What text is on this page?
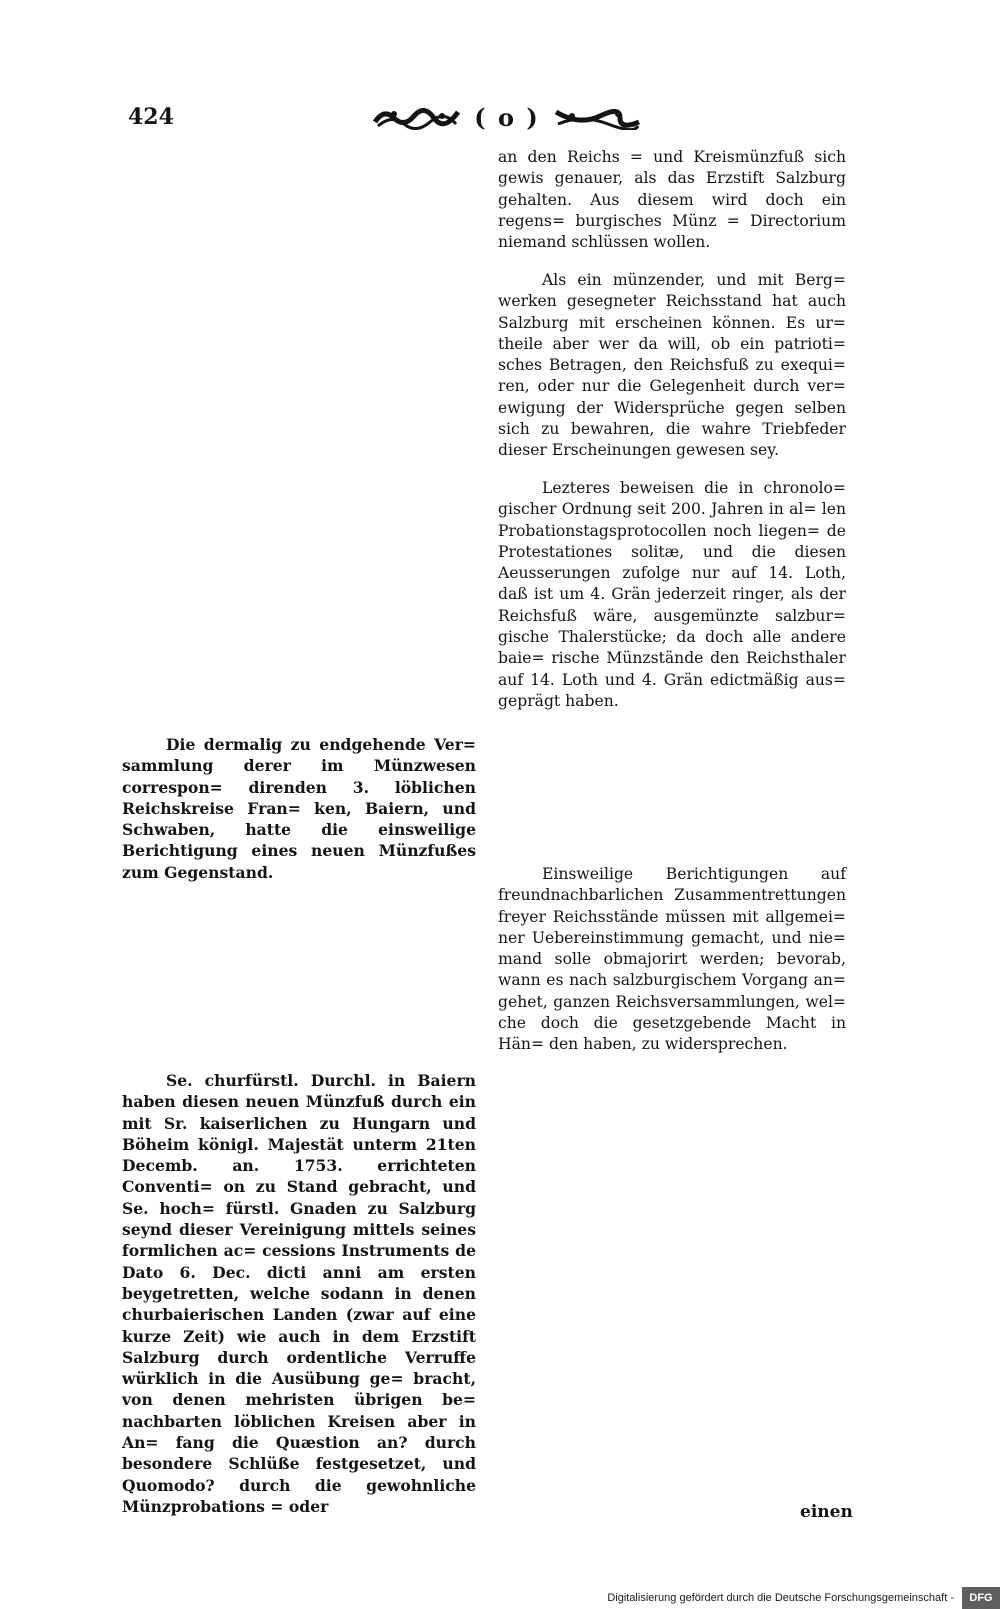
424	( o )

an den Reichs = und Kreismünzfuß sich gewis genauer, als das Erzstift Salzburg gehalten. Aus diesem wird doch ein regens= burgisches Münz = Directorium niemand schlüssen wollen.

Als ein münzender, und mit Berg= werken gesegneter Reichsstand hat auch Salzburg mit erscheinen können. Es ur= theile aber wer da will, ob ein patrioti= sches Betragen, den Reichsfuß zu exequi= ren, oder nur die Gelegenheit durch ver= ewigung der Widersprüche gegen selben sich zu bewahren, die wahre Triebfeder dieser Erscheinungen gewesen sey.

Lezteres beweisen die in chronolo= gischer Ordnung seit 200. Jahren in al= len Probationstagsprotocollen noch liegen= de Protestationes solitæ, und die diesen Aeusserungen zufolge nur auf 14. Loth, daß ist um 4. Grän jederzeit ringer, als der Reichsfuß wäre, ausgemünzte salzbur= gische Thalerstücke; da doch alle andere baie= rische Münzstände den Reichsthaler auf 14. Loth und 4. Grän edictmäßig aus= geprägt haben.

Die dermalig zu endgehende Ver= sammlung derer im Münzwesen correspon= direnden 3. löblichen Reichskreise Fran= ken, Baiern, und Schwaben, hatte die einsweilige Berichtigung eines neuen Münzfußes zum Gegenstand.	Einsweilige Berichtigungen auf freundnachbarlichen Zusammentrettungen freyer Reichsstände müssen mit allgemei= ner Uebereinstimmung gemacht, und nie= mand solle obmajorirt werden; bevorab, wann es nach salzburgischem Vorgang an= gehet, ganzen Reichsversammlungen, wel= che doch die gesetzgebende Macht in Hän= den haben, zu widersprechen.

Se. churfürstl. Durchl. in Baiern haben diesen neuen Münzfuß durch ein mit Sr. kaiserlichen zu Hungarn und Böheim königl. Majestät unterm 21ten Decemb. an. 1753. errichteten Conventi= on zu Stand gebracht, und Se. hoch= fürstl. Gnaden zu Salzburg seynd dieser Vereinigung mittels seines formlichen ac= cessions Instruments de Dato 6. Dec. dicti anni am ersten beygetretten, welche sodann in denen churbaierischen Landen (zwar auf eine kurze Zeit) wie auch in dem Erzstift Salzburg durch ordentliche Verruffe würklich in die Ausübung ge= bracht, von denen mehristen übrigen be= nachbarten löblichen Kreisen aber in An= fang die Quæstion an? durch besondere Schlüße festgesetzet, und Quomodo? durch die gewohnliche Münzprobations = oder	einen
Digitalisierung gefördert durch die Deutsche Forschungsgemeinschaft -	DFG
